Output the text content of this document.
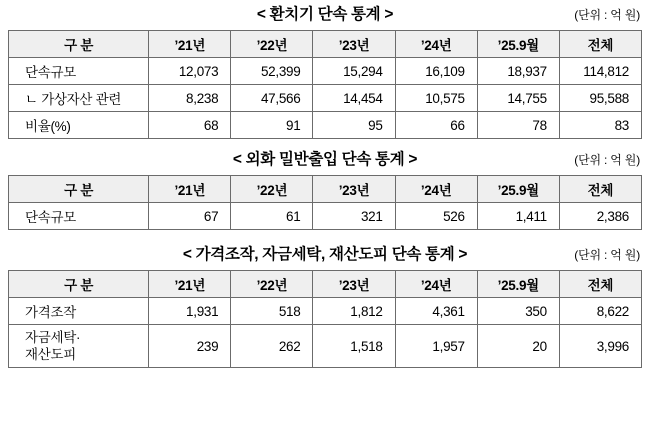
< 환치기 단속 통계 >	(단위 : 억 원)
구 분	’21년	’22년	’23년	’24년	’25.9월	전체
단속규모	12,073	52,399	15,294	16,109	18,937	114,812
ㄴ 가상자산 관련	8,238	47,566	14,454	10,575	14,755	95,588
비율(%)	68	91	95	66	78	83
< 외화 밀반출입 단속 통계 >	(단위 : 억 원)
구 분	’21년	’22년	’23년	’24년	’25.9월	전체
단속규모	67	61	321	526	1,411	2,386
< 가격조작, 자금세탁, 재산도피 단속 통계 >	(단위 : 억 원)
구 분	’21년	’22년	’23년	’24년	’25.9월	전체
가격조작	1,931	518	1,812	4,361	350	8,622

자금세탁·
재산도피	239	262	1,518	1,957	20	3,996
